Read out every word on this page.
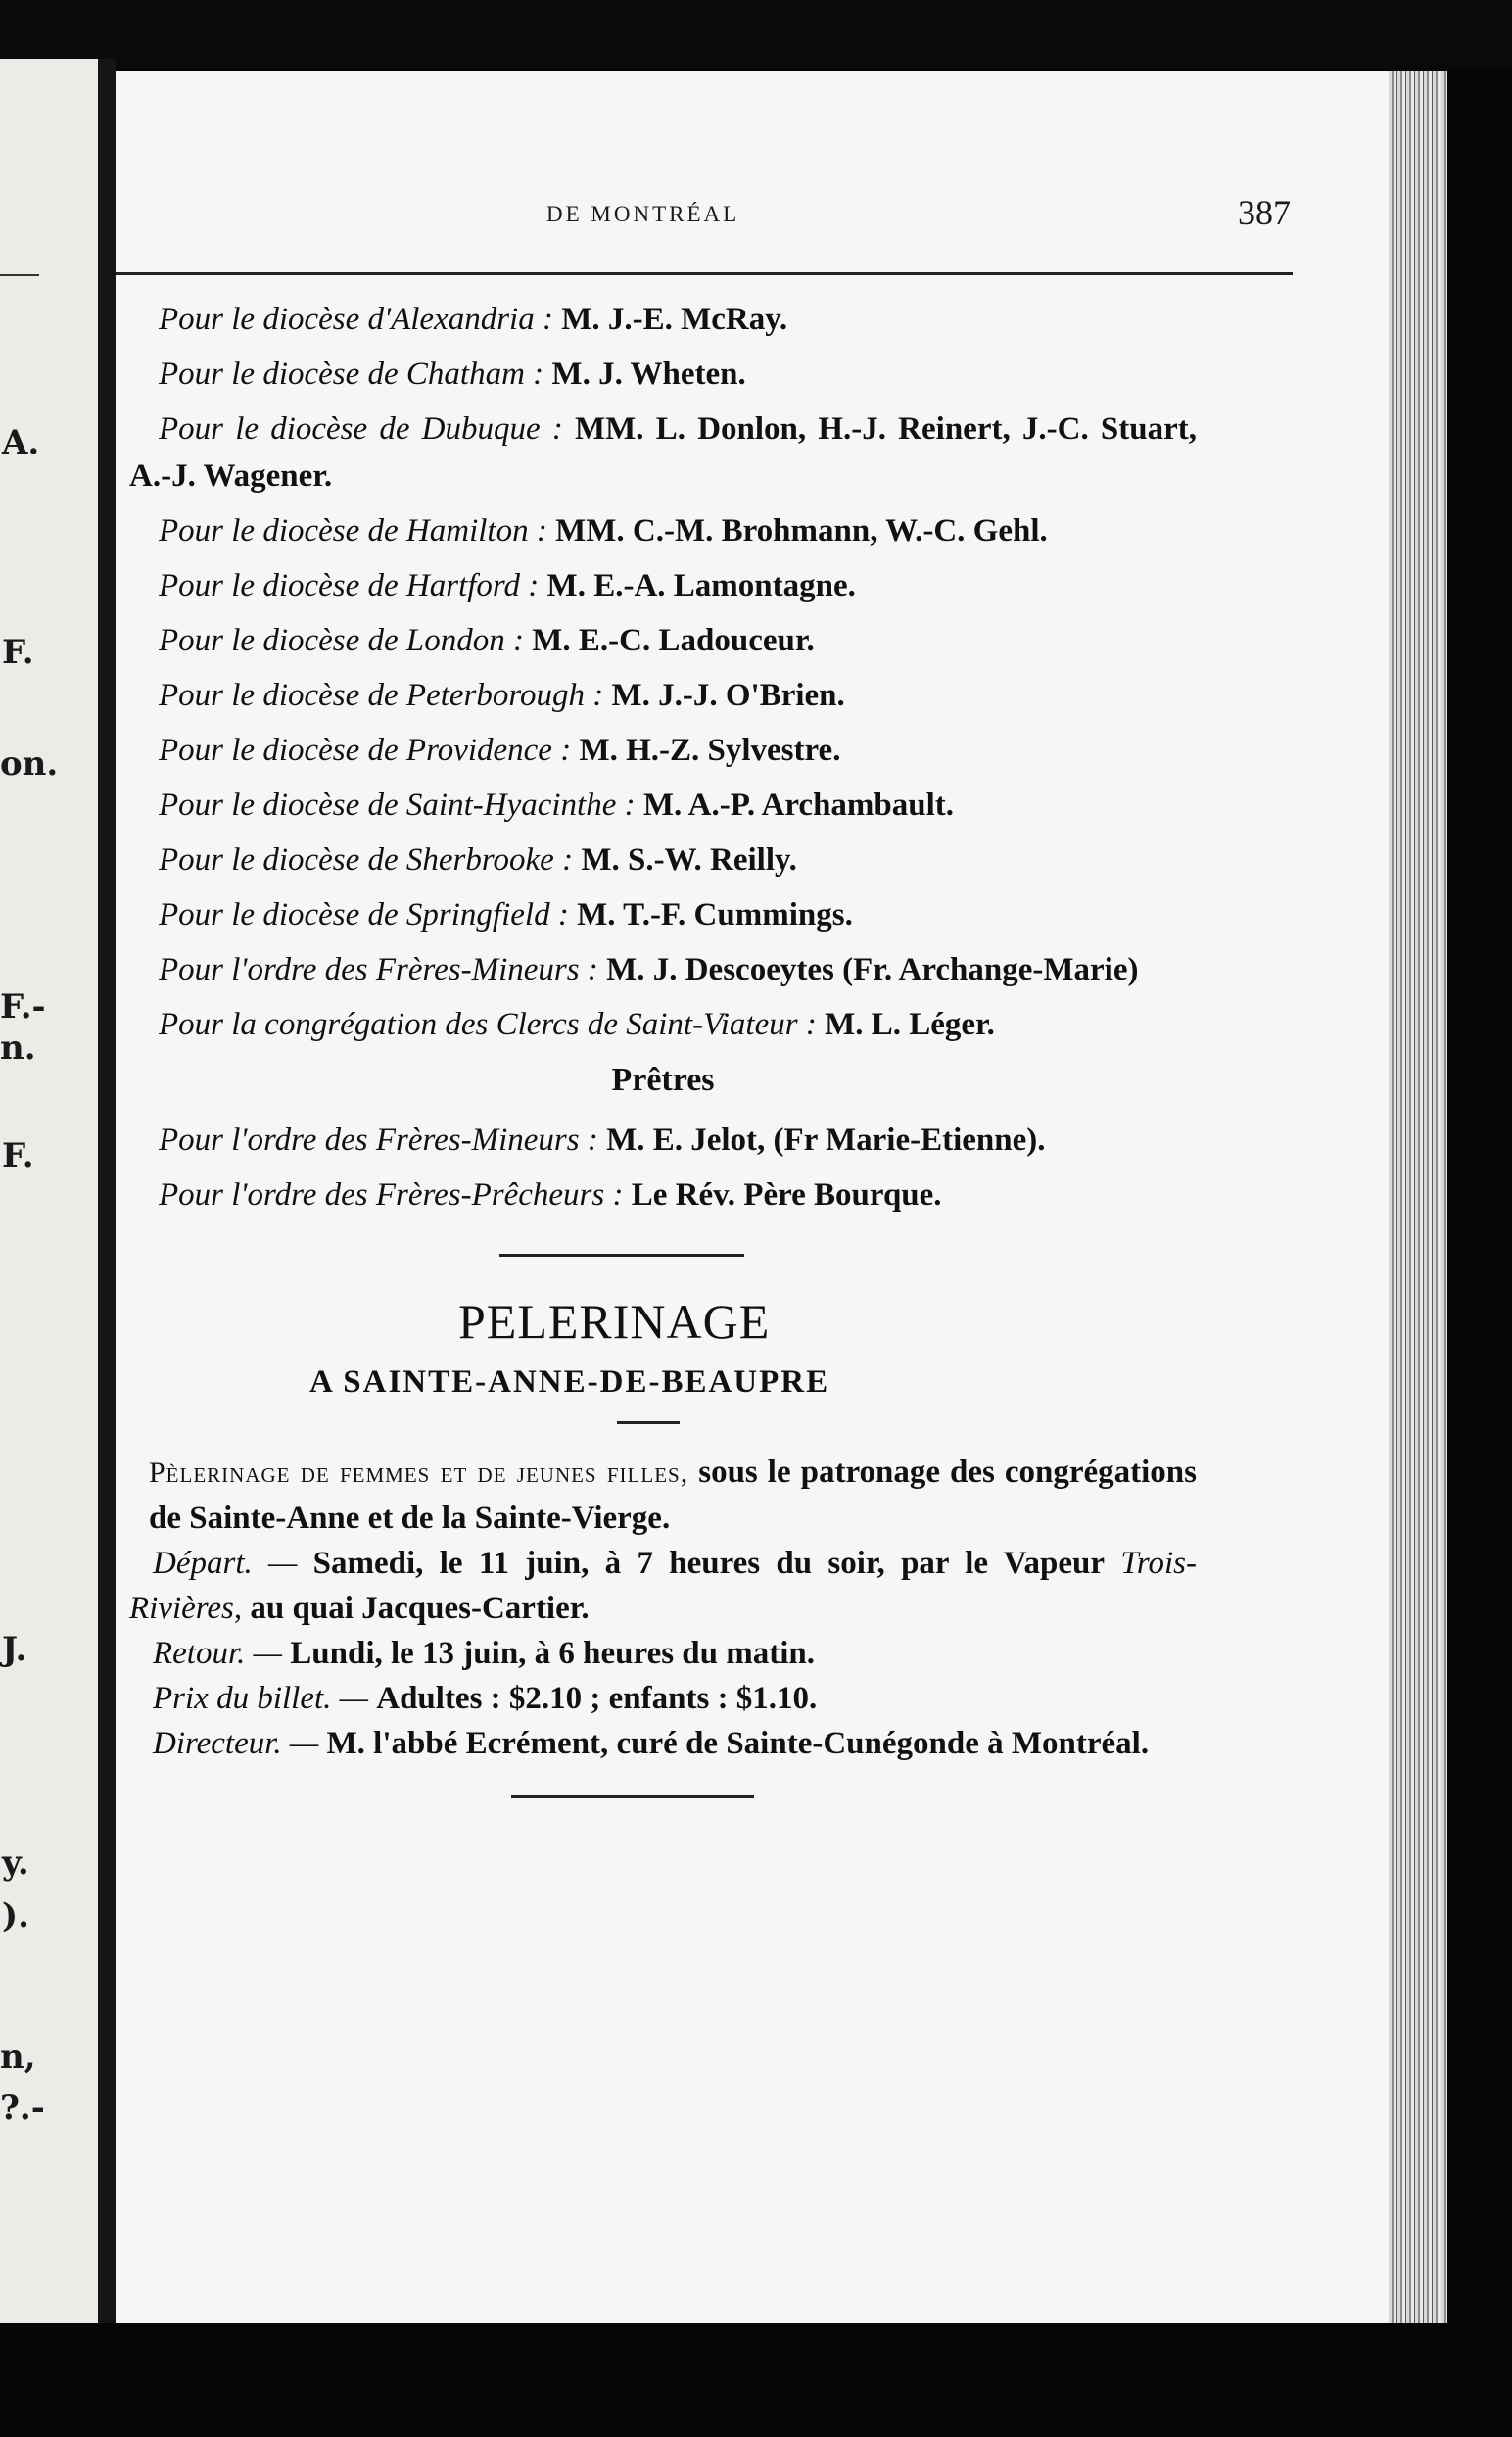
A.
F.
on.
F.-
n.
F.
J.
y.
).
n,
?.-
DE MONTRÉAL	387

Pour le diocèse d'Alexandria : M. J.-E. McRay.

Pour le diocèse de Chatham : M. J. Wheten.

Pour le diocèse de Dubuque : MM. L. Donlon, H.-J. Reinert, J.-C. Stuart, A.-J. Wagener.

Pour le diocèse de Hamilton : MM. C.-M. Brohmann, W.-C. Gehl.

Pour le diocèse de Hartford : M. E.-A. Lamontagne.

Pour le diocèse de London : M. E.-C. Ladouceur.

Pour le diocèse de Peterborough : M. J.-J. O'Brien.

Pour le diocèse de Providence : M. H.-Z. Sylvestre.

Pour le diocèse de Saint-Hyacinthe : M. A.-P. Archambault.

Pour le diocèse de Sherbrooke : M. S.-W. Reilly.

Pour le diocèse de Springfield : M. T.-F. Cummings.

Pour l'ordre des Frères-Mineurs : M. J. Descoeytes (Fr. Archange-Marie)

Pour la congrégation des Clercs de Saint-Viateur : M. L. Léger.

Prêtres

Pour l'ordre des Frères-Mineurs : M. E. Jelot, (Fr Marie-Etienne).

Pour l'ordre des Frères-Prêcheurs : Le Rév. Père Bourque.

PELERINAGE
A SAINTE-ANNE-DE-BEAUPRE

Pèlerinage de femmes et de jeunes filles, sous le patronage des congrégations de Sainte-Anne et de la Sainte-Vierge.

Départ. — Samedi, le 11 juin, à 7 heures du soir, par le Vapeur Trois-Rivières, au quai Jacques-Cartier.

Retour. — Lundi, le 13 juin, à 6 heures du matin.

Prix du billet. — Adultes : $2.10 ; enfants : $1.10.

Directeur. — M. l'abbé Ecrément, curé de Sainte-Cunégonde à Montréal.
